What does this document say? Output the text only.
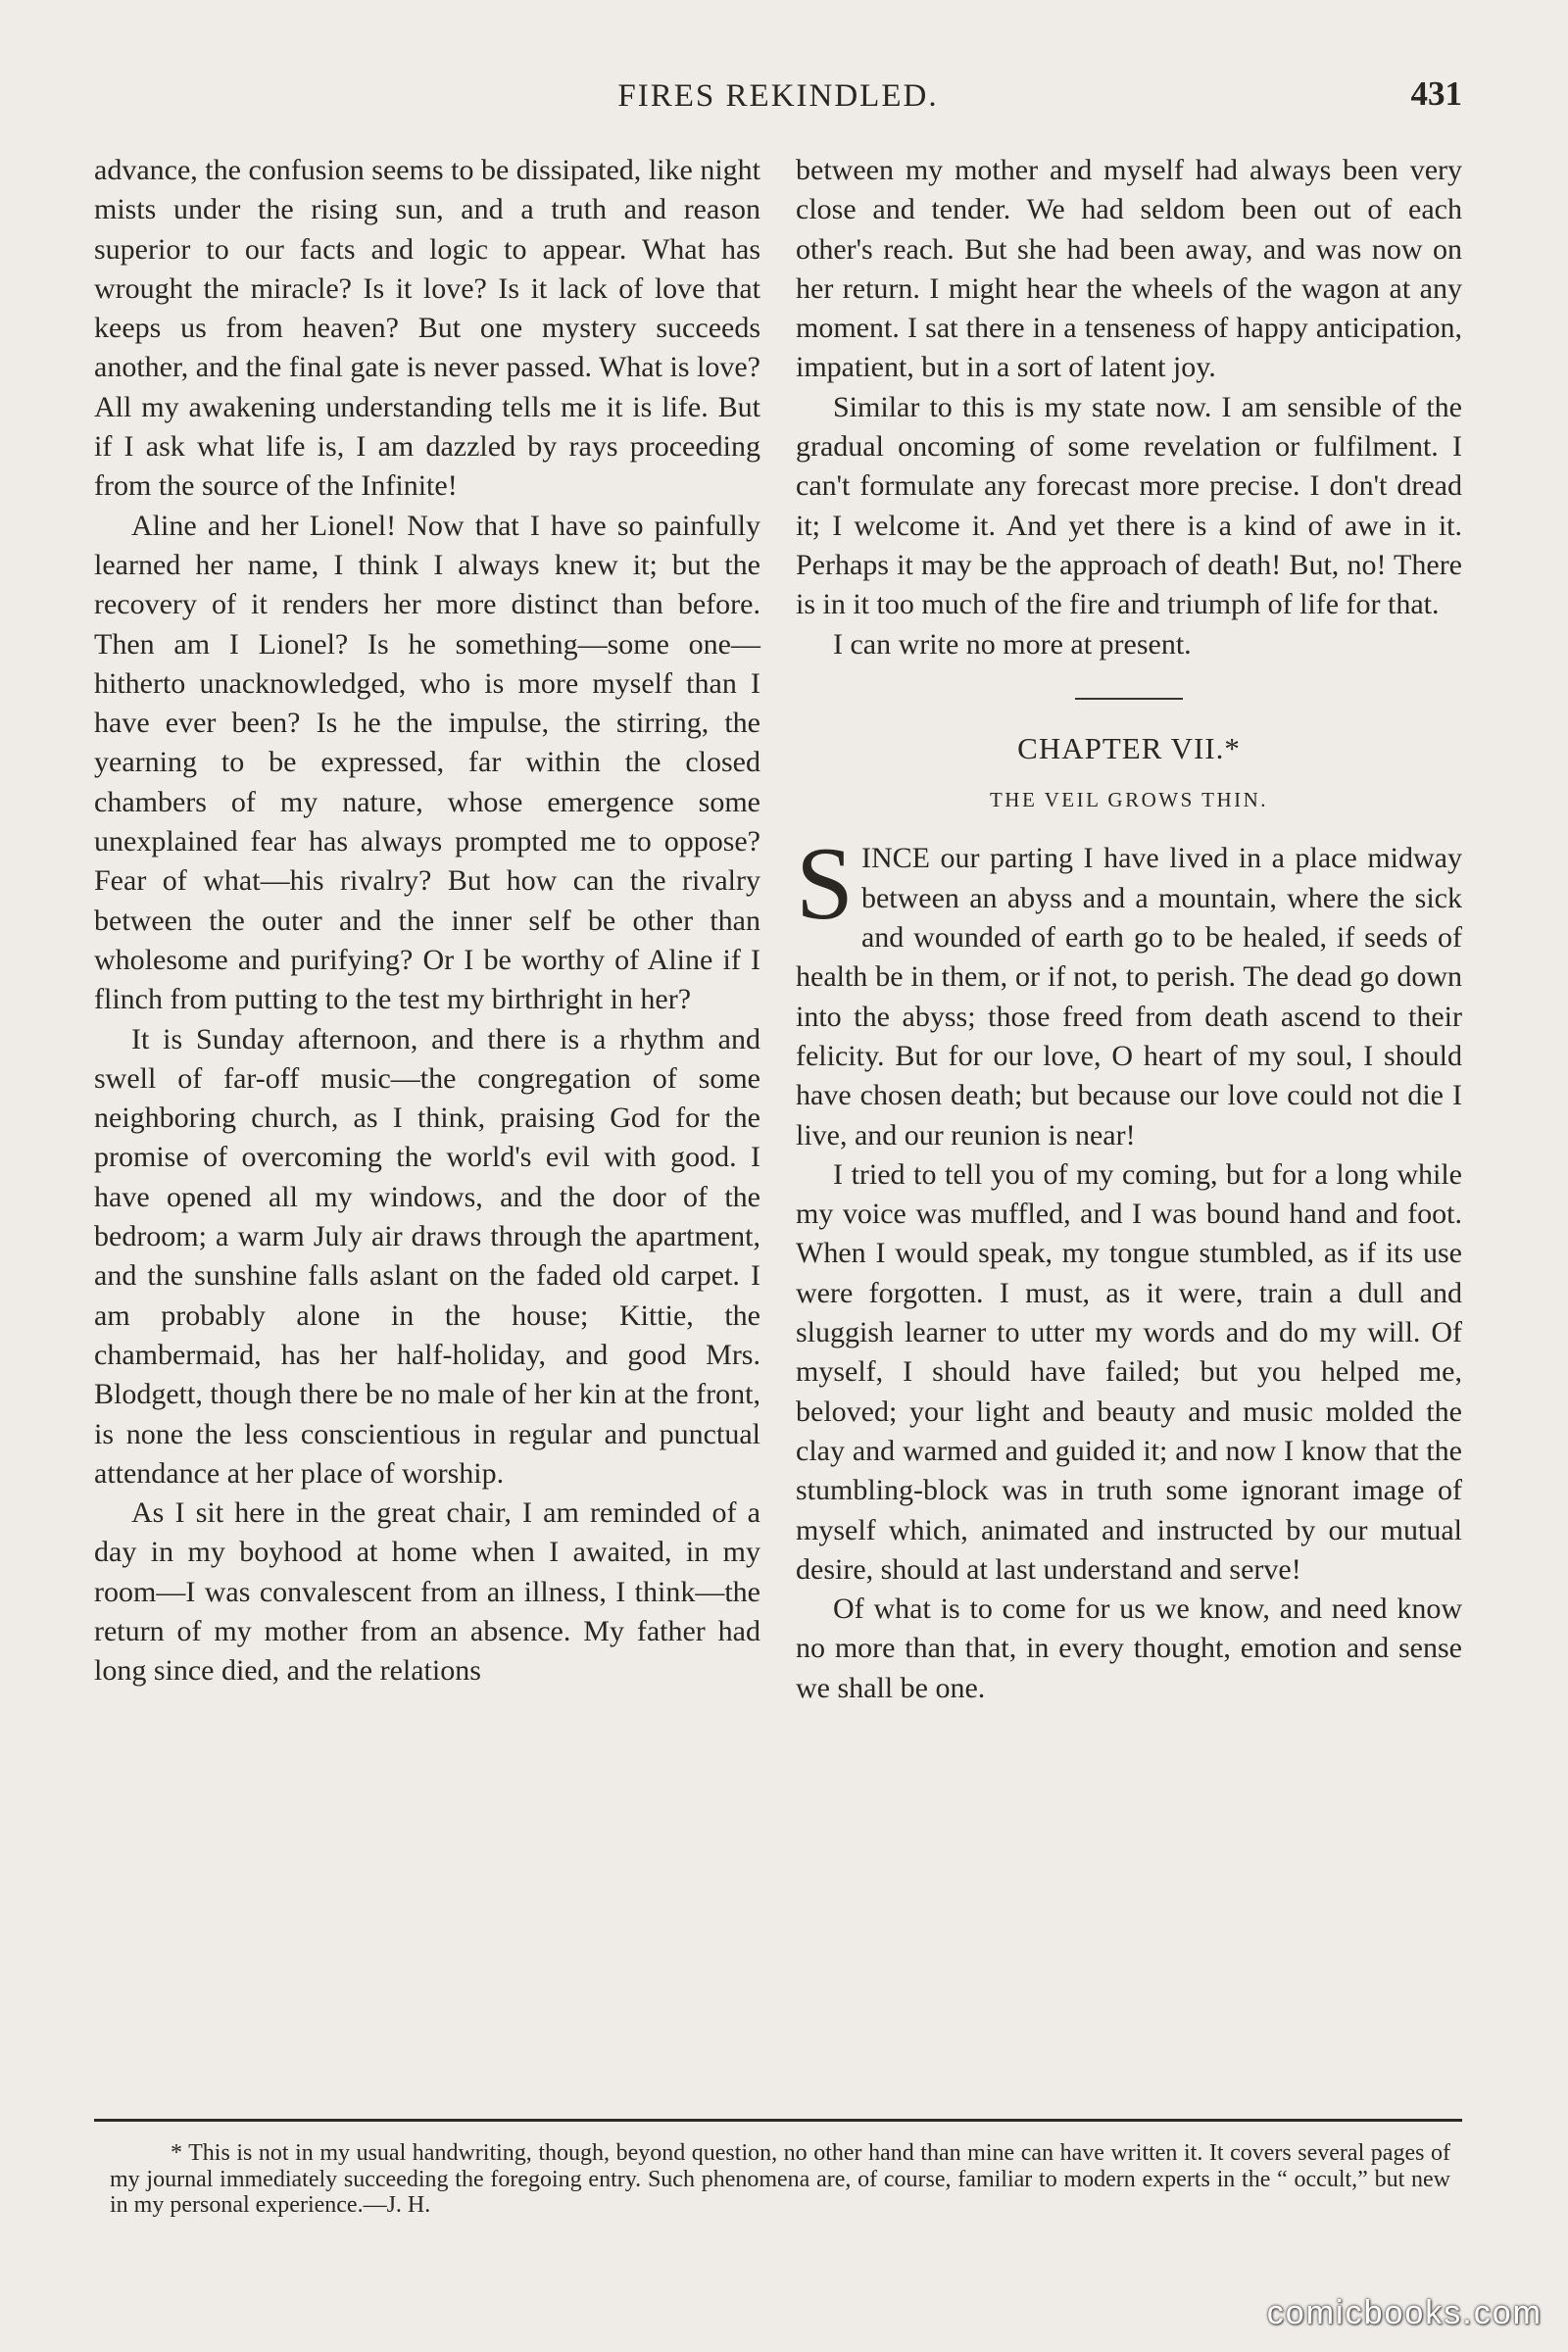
FIRES REKINDLED.	431

advance, the confusion seems to be dissipated, like night mists under the rising sun, and a truth and reason superior to our facts and logic to appear. What has wrought the miracle? Is it love? Is it lack of love that keeps us from heaven? But one mystery succeeds another, and the final gate is never passed. What is love? All my awakening understanding tells me it is life. But if I ask what life is, I am dazzled by rays proceeding from the source of the Infinite!

Aline and her Lionel! Now that I have so painfully learned her name, I think I always knew it; but the recovery of it renders her more distinct than before. Then am I Lionel? Is he something—some one—hitherto unacknowledged, who is more myself than I have ever been? Is he the impulse, the stirring, the yearning to be expressed, far within the closed chambers of my nature, whose emergence some unexplained fear has always prompted me to oppose? Fear of what—his rivalry? But how can the rivalry between the outer and the inner self be other than wholesome and purifying? Or I be worthy of Aline if I flinch from putting to the test my birthright in her?

It is Sunday afternoon, and there is a rhythm and swell of far-off music—the congregation of some neighboring church, as I think, praising God for the promise of overcoming the world's evil with good. I have opened all my windows, and the door of the bedroom; a warm July air draws through the apartment, and the sunshine falls aslant on the faded old carpet. I am probably alone in the house; Kittie, the chambermaid, has her half-holiday, and good Mrs. Blodgett, though there be no male of her kin at the front, is none the less conscientious in regular and punctual attendance at her place of worship.

As I sit here in the great chair, I am reminded of a day in my boyhood at home when I awaited, in my room—I was convalescent from an illness, I think—the return of my mother from an absence. My father had long since died, and the relations

between my mother and myself had always been very close and tender. We had seldom been out of each other's reach. But she had been away, and was now on her return. I might hear the wheels of the wagon at any moment. I sat there in a tenseness of happy anticipation, impatient, but in a sort of latent joy.

Similar to this is my state now. I am sensible of the gradual oncoming of some revelation or fulfilment. I can't formulate any forecast more precise. I don't dread it; I welcome it. And yet there is a kind of awe in it. Perhaps it may be the approach of death! But, no! There is in it too much of the fire and triumph of life for that.

I can write no more at present.

CHAPTER VII.*
THE VEIL GROWS THIN.

SINCE our parting I have lived in a place midway between an abyss and a mountain, where the sick and wounded of earth go to be healed, if seeds of health be in them, or if not, to perish. The dead go down into the abyss; those freed from death ascend to their felicity. But for our love, O heart of my soul, I should have chosen death; but because our love could not die I live, and our reunion is near!

I tried to tell you of my coming, but for a long while my voice was muffled, and I was bound hand and foot. When I would speak, my tongue stumbled, as if its use were forgotten. I must, as it were, train a dull and sluggish learner to utter my words and do my will. Of myself, I should have failed; but you helped me, beloved; your light and beauty and music molded the clay and warmed and guided it; and now I know that the stumbling-block was in truth some ignorant image of myself which, animated and instructed by our mutual desire, should at last understand and serve!

Of what is to come for us we know, and need know no more than that, in every thought, emotion and sense we shall be one.

* This is not in my usual handwriting, though, beyond question, no other hand than mine can have written it. It covers several pages of my journal immediately succeeding the foregoing entry. Such phenomena are, of course, familiar to modern experts in the “ occult,” but new in my personal experience.—J. H.
comicbooks.com
